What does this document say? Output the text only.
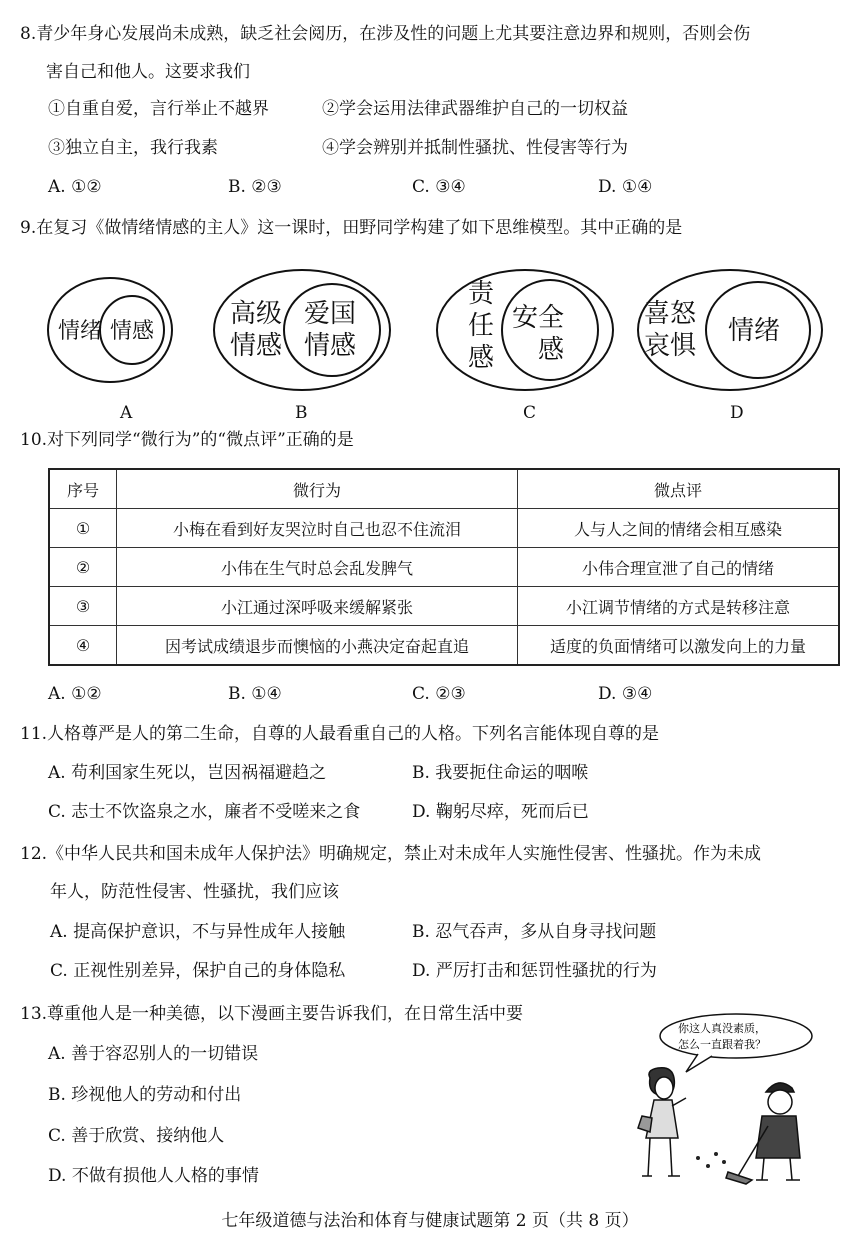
8.青少年身心发展尚未成熟，缺乏社会阅历，在涉及性的问题上尤其要注意边界和规则，否则会伤
害自己和他人。这要求我们
①自重自爱，言行举止不越界	②学会运用法律武器维护自己的一切权益
③独立自主，我行我素	④学会辨别并抵制性骚扰、性侵害等行为
A. ①②	B. ②③	C. ③④	D. ①④
9.在复习《做情绪情感的主人》这一课时，田野同学构建了如下思维模型。其中正确的是
情绪 情感
A
高级
情感
爱国
情感
B
责
任
感
安全
感
C
喜怒
哀惧 情绪
D
10.对下列同学“微行为”的“微点评”正确的是
序号	微行为	微点评
①	小梅在看到好友哭泣时自己也忍不住流泪	人与人之间的情绪会相互感染
②	小伟在生气时总会乱发脾气	小伟合理宣泄了自己的情绪
③	小江通过深呼吸来缓解紧张	小江调节情绪的方式是转移注意
④	因考试成绩退步而懊恼的小燕决定奋起直追	适度的负面情绪可以激发向上的力量
A. ①②	B. ①④	C. ②③	D. ③④
11.人格尊严是人的第二生命，自尊的人最看重自己的人格。下列名言能体现自尊的是
A. 苟利国家生死以，岂因祸福避趋之	B. 我要扼住命运的咽喉
C. 志士不饮盗泉之水，廉者不受嗟来之食	D. 鞠躬尽瘁，死而后已
12.《中华人民共和国未成年人保护法》明确规定，禁止对未成年人实施性侵害、性骚扰。作为未成
年人，防范性侵害、性骚扰，我们应该
A. 提高保护意识，不与异性成年人接触	B. 忍气吞声，多从自身寻找问题
C. 正视性别差异，保护自己的身体隐私	D. 严厉打击和惩罚性骚扰的行为
13.尊重他人是一种美德，以下漫画主要告诉我们，在日常生活中要
A. 善于容忍别人的一切错误
B. 珍视他人的劳动和付出
C. 善于欣赏、接纳他人
D. 不做有损他人人格的事情
你这人真没素质，
怎么一直跟着我？
七年级道德与法治和体育与健康试题第 2 页（共 8 页）
